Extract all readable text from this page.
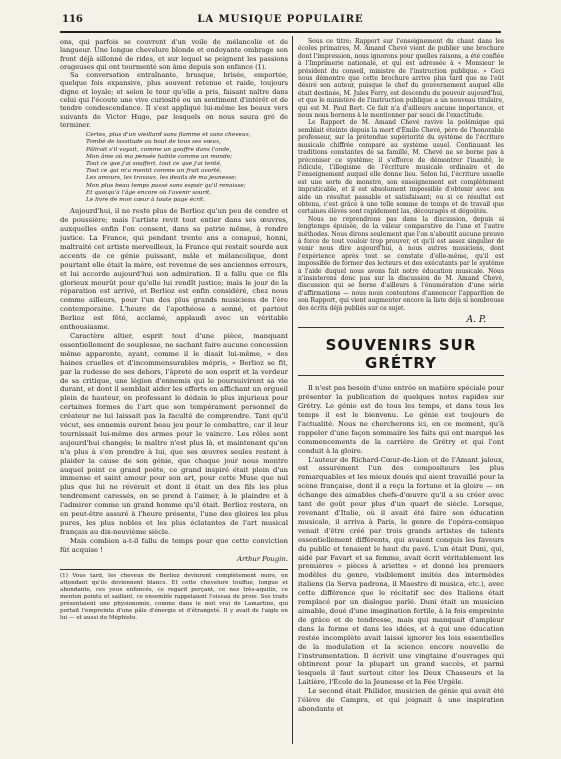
116	LA MUSIQUE POPULAIRE

ons, qui parfois se couvrent d'un voile de mélancolie et de langueur. Une longue chevelure blonde et ondoyante ombrage son front déjà sillonné de rides, et sur lequel se peignent les passions orageuses qui ont tourmenté son âme depuis son enfance (1).

Sa conversation entraînante, brusque, brisée, emportée, quelque fois expansive, plus souvent retenue et raide, toujours digne et loyale; et selon le tour qu'elle a pris, faisant naître dans celui qui l'écoute une vive curiosité ou un sentiment d'intérêt et de tendre condescendance. Il s'est appliqué lui-même les beaux vers suivants de Victor Hugo, par lesquels on nous saura gré de terminer.

Certes, plus d'un vieillard sans flamme et sans cheveux,
Tombé de lassitude au bout de tous ses vœux,
Pâlirait s'il voyait, comme un gouffre dans l'onde,
Mon âme où ma pensée habite comme un monde;
Tout ce que j'ai souffert, tout ce que j'ai tenté,
Tout ce qui m'a mentit comme un fruit avorté,
Les amours, les travaux, les deuils de ma jeunesse;
Mon plus beau temps passé sans espoir qu'il renaisse;
Et quoiqu'à l'âge encore où l'avenir sourit,
Le livre de mon cœur à toute page écrit.

Aujourd'hui, il ne reste plus de Berlioz qu'un peu de cendre et de poussière; mais l'artiste revit tout entier dans ses œuvres, auxquelles enfin l'on consent, dans sa patrie même, à rendre justice. La France, qui pendant trente ans a conspué, honni, maltraité cet artiste merveilleux, la France qui restait sourde aux accents de ce génie puissant, mâle et mélancolique, dont pourtant elle était la mère, est revenue de ses anciennes erreurs, et lui accorde aujourd'hui son admiration. Il a fallu que ce fils glorieux mourût pour qu'elle lui rendît justice; mais le jour de la réparation est arrivé, et Berlioz est enfin considéré, chez nous comme ailleurs, pour l'un des plus grands musiciens de l'ère contemporaine. L'heure de l'apothéose a sonné, et partout Berlioz est fêté, acclamé, applaudi avec un véritable enthousiasme.

Caractère altier, esprit tout d'une pièce, manquant essentiellement de souplesse, ne sachant faire aucune concession même apparente, ayant, comme il le disait lui-même, « des haines cruelles et d'incommensurables mépris, » Berlioz se fit, par la rudesse de ses dehors, l'âpreté de son esprit et la verdeur de sa critique, une légion d'ennemis qui le poursuivirent sa vie durant, et dont il semblait aider les efforts en affichant un orgueil plein de hauteur, en professant le dédain le plus injurieux pour certaines formes de l'art que son tempérament personnel de créateur ne lui laissait pas la faculté de comprendre. Tant qu'il vécut, ses ennemis eurent beau jeu pour le combattre, car il leur tournissait lui-même des armes pour le vaincre. Les rôles sont aujourd'hui changés; le maître n'est plus là, et maintenant qu'on n'a plus à s'en prendre à lui, que ses œuvres seules restent à plaider la cause de son génie, que chaque jour nous montre auquel point ce grand poète, ce grand inspiré était plein d'un immense et saint amour pour son art, pour cette Muse que nul plus que lui ne révérait et dont il était un des fils les plus tendrement caressés, on se prend à l'aimer, à le plaindre et à l'admirer comme un grand homme qu'il était. Berlioz restera, on en peut-être assuré à l'heure présente, l'une des gloires les plus pures, les plus nobles et les plus éclatantes de l'art musical français au dix-neuvième siècle.

Mais combien a-t-il fallu de temps pour que cette conviction fût acquise !

Arthur Pougin.

(1) Vous tard, les cheveux de Berlioz devinrent complètement noirs, en attendant qu'ils deviennent blancs. Et cette chevelure touffue, longue et abondante, ces yeux enfoncés, ce regard perçant, ce nez très-aquilin, ce menton pointu et saillant, ce ensemble rappelaient l'oiseau de proie. Ses traits présentaient une physionomie, comme dans le mot vrai de Lamartine, qui portait l'empreinte d'une pâle d'énergie et d'étrangeté. Il y avait de l'aigle en lui — et aussi du Méphisto.

Sous ce titre: Rapport sur l'enseignement du chant dans les écoles primaires, M. Amand Chevé vient de publier une brochure dont l'impression, nous ignorons pour quelles raisons, a été confiée à l'Imprimerie nationale, et qui est adressée à « Monsieur le président du conseil, ministre de l'instruction publique. » Ceci nous démontre que cette brochure arrive plus tard que ne l'eût désiré son auteur, puisque le chef du gouvernement auquel elle était destinée, M. Jules Ferry, est descendu du pouvoir aujourd'hui, et que le ministère de l'instruction publique a un nouveau titulaire, qui est M. Paul Bert. Ce fait n'a d'ailleurs aucune importance, et nous nous bornons à le mentionner par souci de l'exactitude.

Le Rapport de M. Amand Chevé ravive la polémique qui semblait éteinte depuis la mort d'Émile Chevé, père de l'honorable professeur, sur la prétendue supériorité du système de l'écriture musicale chiffrée comparé au système usuel. Continuant les traditions constantes de sa famille, M. Chevé ne se borne pas à préconiser ce système; il s'efforce de démontrer l'inanité, le ridicule, l'illogisme de l'écriture musicale ordinaire et de l'enseignement auquel elle donne lieu. Selon lui, l'écriture usuelle est une sorte de monstre, son enseignement est complètement impraticable, et il est absolument impossible d'obtenir avec son aide un résultat passable et satisfaisant; ou si ce résultat est obtenu, c'est grâce à une telle somme de temps et de travail que certaines élèves sont rapidement las, découragés et dégoûtés.

Nous ne reprendrons pas dans la discussion, depuis si longtemps épuisée, de la valeur comparative de l'une et l'autre méthodes. Nous dirons seulement que l'on n'aboutit aucune preuve à force de tout vouloir trop prouver, et qu'il est assez singulier de venir nous dire aujourd'hui, à nous autres musiciens, dont l'expérience après tout se constate d'elle-même, qu'il est impossible de former des lecteurs et des exécutants par le système à l'aide duquel nous avons fait notre éducation musicale. Nous n'insisterons donc pas sur la discussion de M. Amand Chevé, discussion qui se borne d'ailleurs à l'énumération d'une série d'affirmations — nous nous contentons d'annoncer l'apparition de son Rapport, qui vient augmenter encore la liste déjà si nombreuse des écrits déjà publiés sur ce sujet.

A. P.
SOUVENIRS SUR GRÉTRY

Il n'est pas besoin d'une entrée en matière spéciale pour présenter la publication de quelques notes rapides sur Grétry. Le génie est de tous les temps, et dans tous les temps il est le bienvenu. Le génie est toujours de l'actualité. Nous ne chercherons ici, en ce moment, qu'à rappeler d'une façon sommaire les faits qui ont marqué les commencements de la carrière de Grétry et qui l'ont conduit à la gloire.

L'auteur de Richard-Cœur-de-Lion et de l'Amant jaloux, est assurément l'un des compositeurs les plus remarquables et les mieux doués qui aient travaillé pour la scène française, dont il a reçu la fortune et la gloire — on échange des aimables chefs-d'œuvre qu'il a su créer avec tant de goût pour plus d'un quart de siècle. Lorsque, revenant d'Italie, où il avait été faire son éducation musicale, il arriva à Paris, le genre de l'opéra-comique venait d'être créé par trois grands artistes de talents essentiellement différents, qui avaient conquis les faveurs du public et tenaient le haut du pavé. L'un était Duni, qui, aidé par Favart et sa femme, avait écrit véritablement les premières « pièces à ariettes » et donné les premiers modèles du genre, visiblement imités des intermèdes italiens (la Serva padrona, il Maestro di musica, etc.), avec cette différence que le récitatif sec des Italiens était remplacé par un dialogue parlé. Duni était un musicien aimable, doué d'une imagination fertile, à la fois empreinte de grâce et de tendresse, mais qui manquait d'ampleur dans la forme et dans les idées, et à qui une éducation restée incomplète avait laissé ignorer les lois essentielles de la modulation et la science encore nouvelle de l'instrumentation. Il écrivit une vingtaine d'ouvrages qui obtinrent pour la plupart un grand succès, et parmi lesquels il faut surtout citer les Deux Chasseurs et la Laitière, l'École de la Jeunesse et la Fée Urgèle.

Le second était Philidor, musicien de génie qui avait été l'élève de Campra, et qui joignait à une inspiration abondante et
